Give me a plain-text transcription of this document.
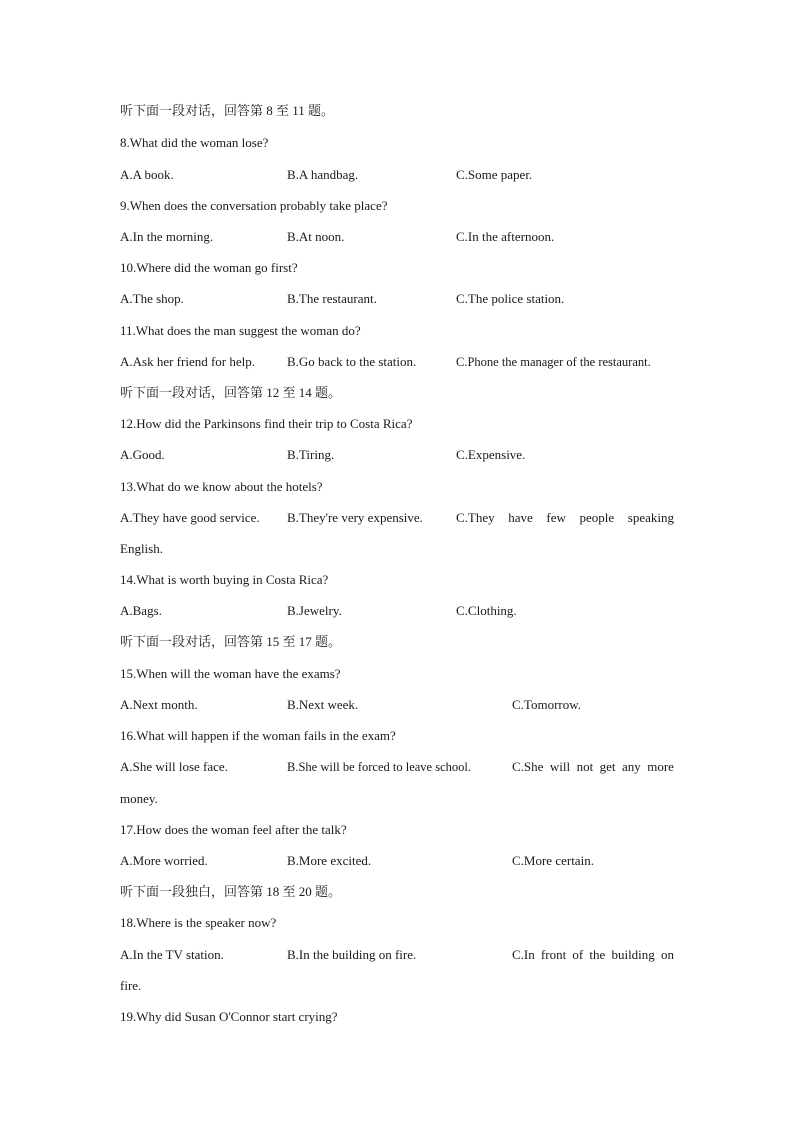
听下面一段对话，回答第 8 至 11 题。
8.What did the woman lose?
A.A book.	B.A handbag.	C.Some paper.
9.When does the conversation probably take place?
A.In the morning.	B.At noon.	C.In the afternoon.
10.Where did the woman go first?
A.The shop.	B.The restaurant.	C.The police station.
11.What does the man suggest the woman do?
A.Ask her friend for help. B.Go back to the station.	C.Phone the manager of the restaurant.
听下面一段对话，回答第 12 至 14 题。
12.How did the Parkinsons find their trip to Costa Rica?
A.Good.	B.Tiring.	C.Expensive.
13.What do we know about the hotels?
A.They have good service. B.They're very expensive.	C.They have few people speaking
English.
14.What is worth buying in Costa Rica?
A.Bags.	B.Jewelry.	C.Clothing.
听下面一段对话，回答第 15 至 17 题。
15.When will the woman have the exams?
A.Next month.	B.Next week.	C.Tomorrow.
16.What will happen if the woman fails in the exam?
A.She will lose face.	B.She will be forced to leave school.	C.She will not get any more
money.
17.How does the woman feel after the talk?
A.More worried.	B.More excited.	C.More certain.
听下面一段独白，回答第 18 至 20 题。
18.Where is the speaker now?
A.In the TV station.	B.In the building on fire.	C.In front of the building on
fire.
19.Why did Susan O'Connor start crying?
